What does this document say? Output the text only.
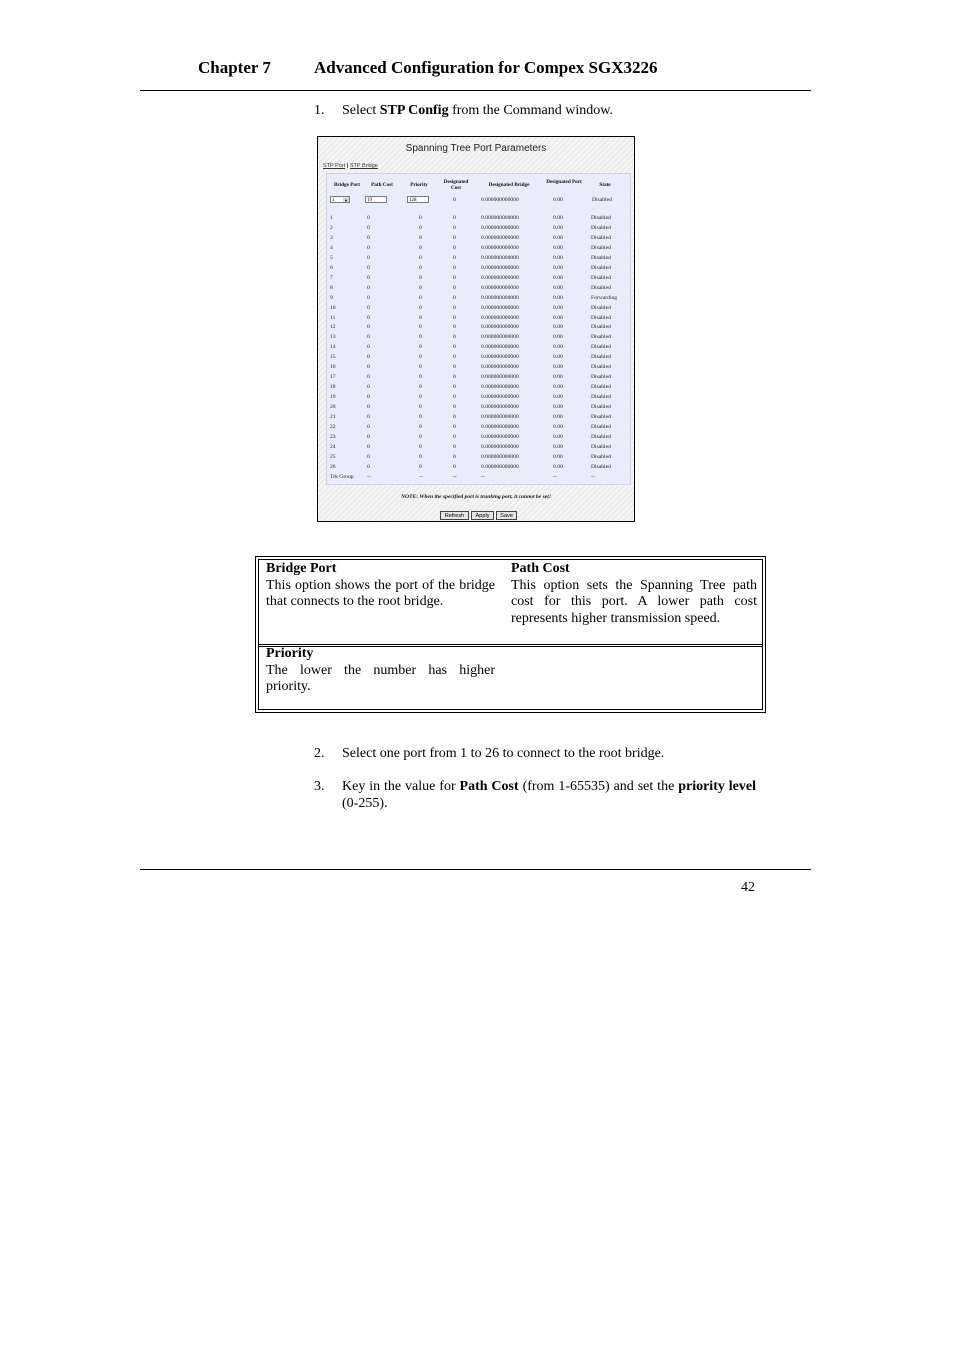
Chapter 7	Advanced Configuration for Compex SGX3226
1. Select STP Config from the Command window.
Spanning Tree Port Parameters
STP Port | STP Bridge
Bridge Port	Path Cost	Priority	Designated Cost	Designated Bridge	Designated Port	State
1 ▼	19	128	0	0.000000000000	0.00	Disabled
1	0	0	0	0.000000000000	0.00	Disabled
2	0	0	0	0.000000000000	0.00	Disabled
3	0	0	0	0.000000000000	0.00	Disabled
4	0	0	0	0.000000000000	0.00	Disabled
5	0	0	0	0.000000000000	0.00	Disabled
6	0	0	0	0.000000000000	0.00	Disabled
7	0	0	0	0.000000000000	0.00	Disabled
8	0	0	0	0.000000000000	0.00	Disabled
9	0	0	0	0.000000000000	0.00	Forwarding
10	0	0	0	0.000000000000	0.00	Disabled
11	0	0	0	0.000000000000	0.00	Disabled
12	0	0	0	0.000000000000	0.00	Disabled
13	0	0	0	0.000000000000	0.00	Disabled
14	0	0	0	0.000000000000	0.00	Disabled
15	0	0	0	0.000000000000	0.00	Disabled
16	0	0	0	0.000000000000	0.00	Disabled
17	0	0	0	0.000000000000	0.00	Disabled
18	0	0	0	0.000000000000	0.00	Disabled
19	0	0	0	0.000000000000	0.00	Disabled
20	0	0	0	0.000000000000	0.00	Disabled
21	0	0	0	0.000000000000	0.00	Disabled
22	0	0	0	0.000000000000	0.00	Disabled
23	0	0	0	0.000000000000	0.00	Disabled
24	0	0	0	0.000000000000	0.00	Disabled
25	0	0	0	0.000000000000	0.00	Disabled
26	0	0	0	0.000000000000	0.00	Disabled
Trk Group --	--	--	--	--	--
NOTE: When the specified port is trunking port, it cannot be set!
Refresh	Apply	Save
Bridge Port
This option shows the port of the bridge that connects to the root bridge.
Path Cost
This option sets the Spanning Tree path cost for this port. A lower path cost represents higher transmission speed.
Priority
The lower the number has higher priority.
2. Select one port from 1 to 26 to connect to the root bridge.
3. Key in the value for Path Cost (from 1-65535) and set the priority level (0-255).
42
